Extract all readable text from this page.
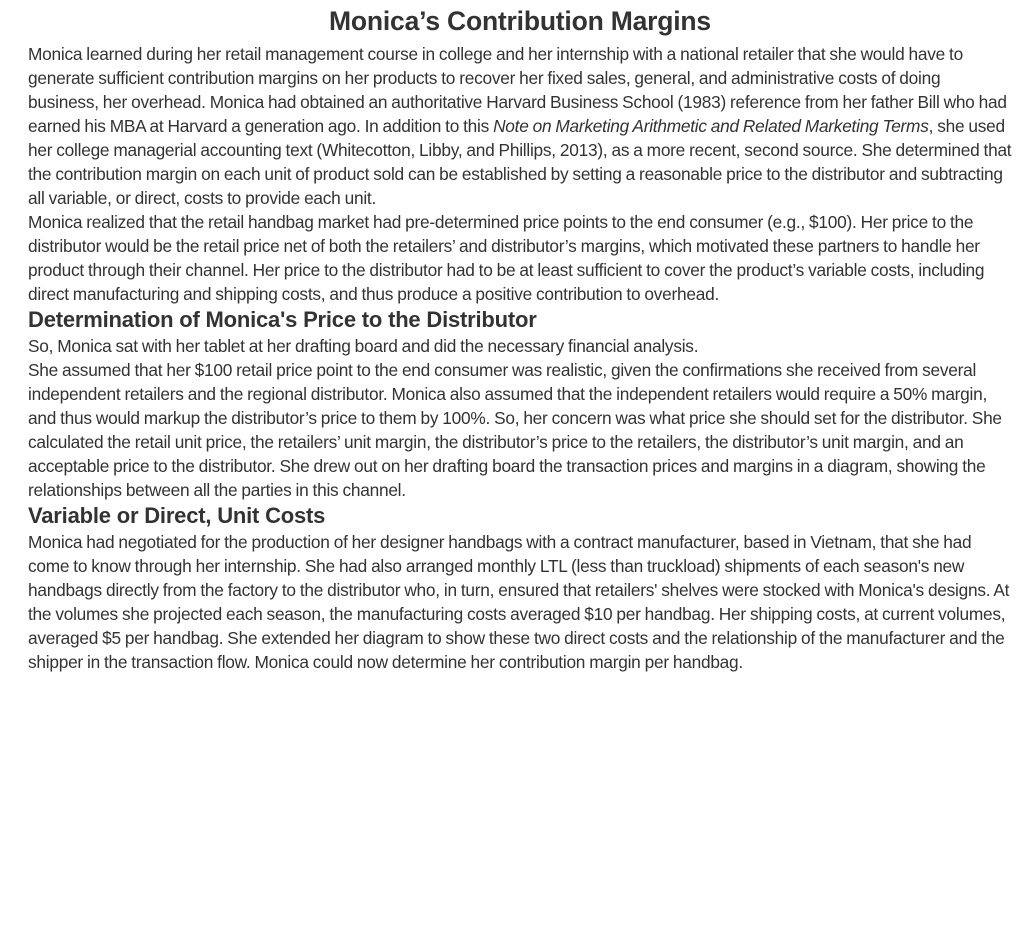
Monica’s Contribution Margins

Monica learned during her retail management course in college and her internship with a national retailer that she would have to generate sufficient contribution margins on her products to recover her fixed sales, general, and administrative costs of doing business, her overhead. Monica had obtained an authoritative Harvard Business School (1983) reference from her father Bill who had earned his MBA at Harvard a generation ago. In addition to this Note on Marketing Arithmetic and Related Marketing Terms, she used her college managerial accounting text (Whitecotton, Libby, and Phillips, 2013), as a more recent, second source. She determined that the contribution margin on each unit of product sold can be established by setting a reasonable price to the distributor and subtracting all variable, or direct, costs to provide each unit.

Monica realized that the retail handbag market had pre-determined price points to the end consumer (e.g., $100). Her price to the distributor would be the retail price net of both the retailers’ and distributor’s margins, which motivated these partners to handle her product through their channel. Her price to the distributor had to be at least sufficient to cover the product’s variable costs, including direct manufacturing and shipping costs, and thus produce a positive contribution to overhead.

Determination of Monica's Price to the Distributor

So, Monica sat with her tablet at her drafting board and did the necessary financial analysis.

She assumed that her $100 retail price point to the end consumer was realistic, given the confirmations she received from several independent retailers and the regional distributor. Monica also assumed that the independent retailers would require a 50% margin, and thus would markup the distributor’s price to them by 100%. So, her concern was what price she should set for the distributor. She calculated the retail unit price, the retailers’ unit margin, the distributor’s price to the retailers, the distributor’s unit margin, and an acceptable price to the distributor. She drew out on her drafting board the transaction prices and margins in a diagram, showing the relationships between all the parties in this channel.

Variable or Direct, Unit Costs

Monica had negotiated for the production of her designer handbags with a contract manufacturer, based in Vietnam, that she had come to know through her internship. She had also arranged monthly LTL (less than truckload) shipments of each season's new handbags directly from the factory to the distributor who, in turn, ensured that retailers' shelves were stocked with Monica's designs. At the volumes she projected each season, the manufacturing costs averaged $10 per handbag. Her shipping costs, at current volumes, averaged $5 per handbag. She extended her diagram to show these two direct costs and the relationship of the manufacturer and the shipper in the transaction flow. Monica could now determine her contribution margin per handbag.
